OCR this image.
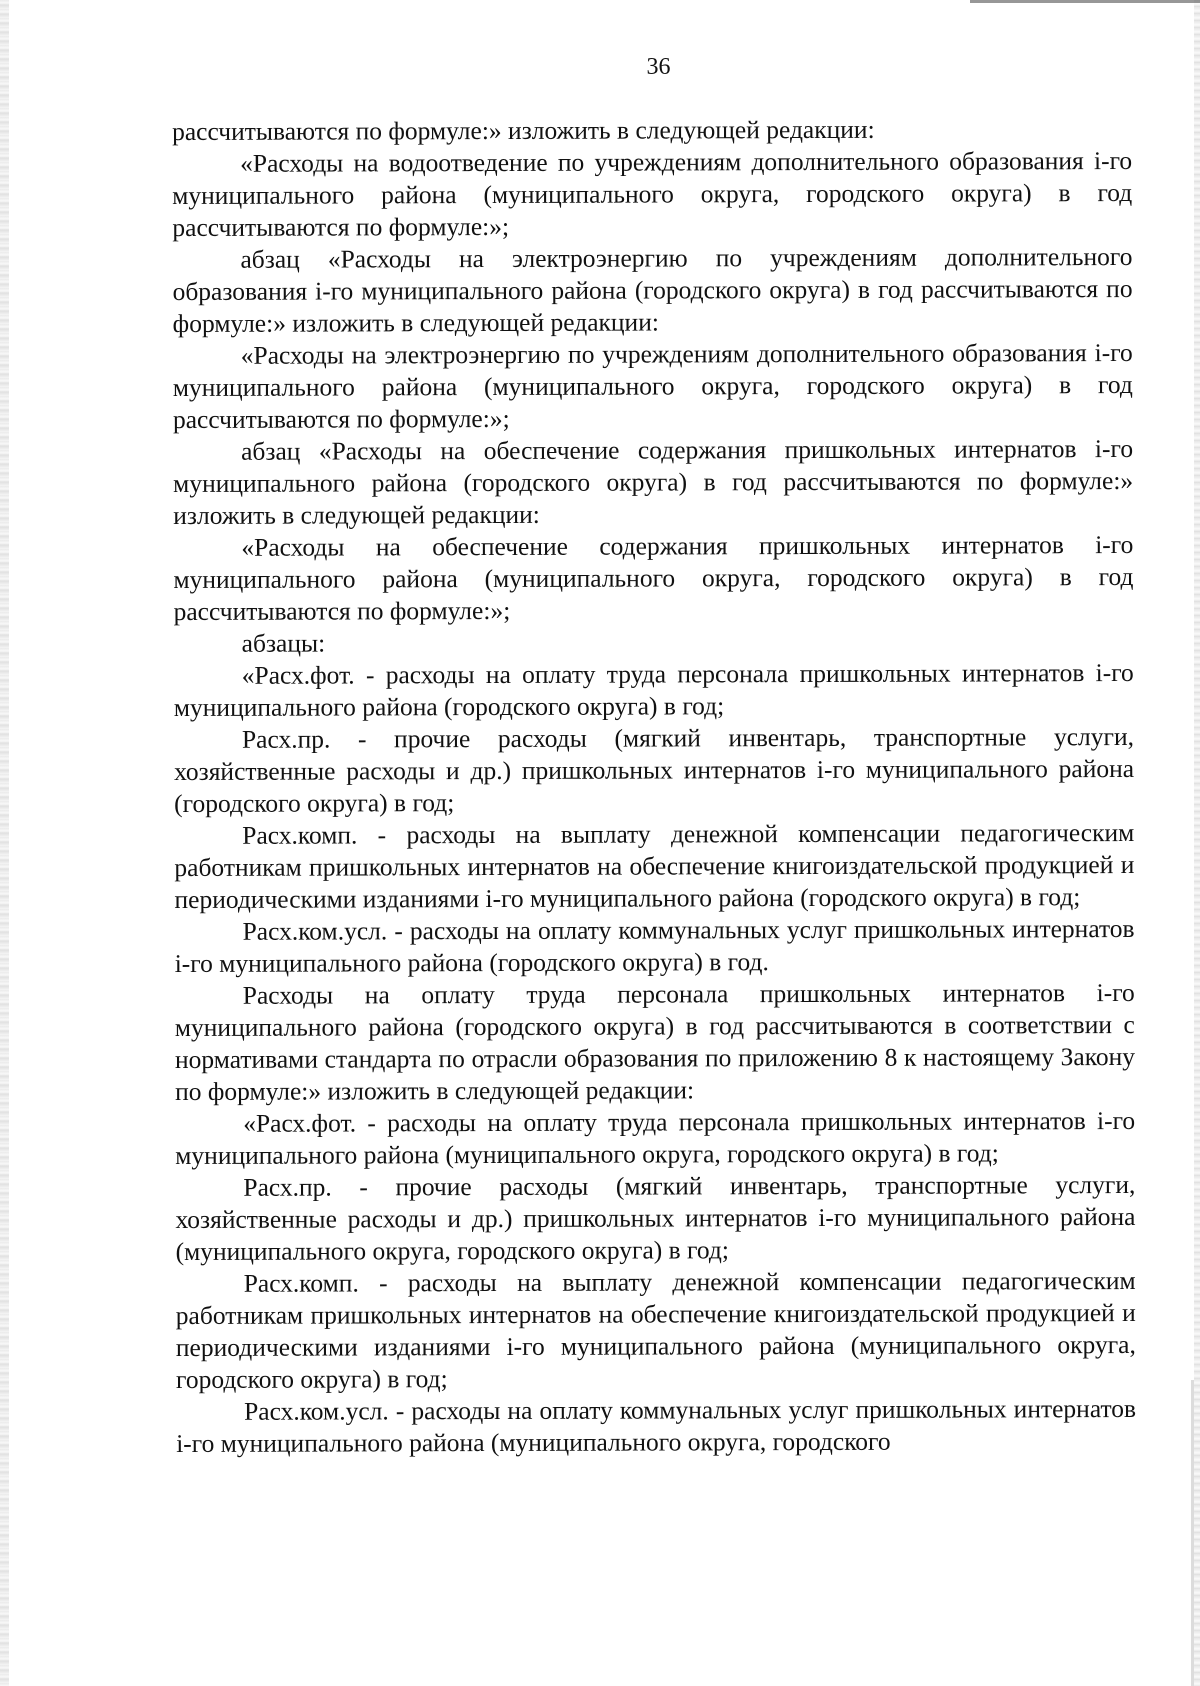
36

рассчитываются по формуле:» изложить в следующей редакции:

«Расходы на водоотведение по учреждениям дополнительного образования i-го муниципального района (муниципального округа, городского округа) в год рассчитываются по формуле:»;

абзац «Расходы на электроэнергию по учреждениям дополнительного образования i-го муниципального района (городского округа) в год рассчитываются по формуле:» изложить в следующей редакции:

«Расходы на электроэнергию по учреждениям дополнительного образования i-го муниципального района (муниципального округа, городского округа) в год рассчитываются по формуле:»;

абзац «Расходы на обеспечение содержания пришкольных интернатов i-го муниципального района (городского округа) в год рассчитываются по формуле:» изложить в следующей редакции:

«Расходы на обеспечение содержания пришкольных интернатов i-го муниципального района (муниципального округа, городского округа) в год рассчитываются по формуле:»;

абзацы:

«Расх.фот. - расходы на оплату труда персонала пришкольных интернатов i-го муниципального района (городского округа) в год;

Расх.пр. - прочие расходы (мягкий инвентарь, транспортные услуги, хозяйственные расходы и др.) пришкольных интернатов i-го муниципального района (городского округа) в год;

Расх.комп. - расходы на выплату денежной компенсации педагогическим работникам пришкольных интернатов на обеспечение книгоиздательской продукцией и периодическими изданиями i-го муниципального района (городского округа) в год;

Расх.ком.усл. - расходы на оплату коммунальных услуг пришкольных интернатов i-го муниципального района (городского округа) в год.

Расходы на оплату труда персонала пришкольных интернатов i-го муниципального района (городского округа) в год рассчитываются в соответствии с нормативами стандарта по отрасли образования по приложению 8 к настоящему Закону по формуле:» изложить в следующей редакции:

«Расх.фот. - расходы на оплату труда персонала пришкольных интернатов i-го муниципального района (муниципального округа, городского округа) в год;

Расх.пр. - прочие расходы (мягкий инвентарь, транспортные услуги, хозяйственные расходы и др.) пришкольных интернатов i-го муниципального района (муниципального округа, городского округа) в год;

Расх.комп. - расходы на выплату денежной компенсации педагогическим работникам пришкольных интернатов на обеспечение книгоиздательской продукцией и периодическими изданиями i-го муниципального района (муниципального округа, городского округа) в год;

Расх.ком.усл. - расходы на оплату коммунальных услуг пришкольных интернатов i-го муниципального района (муниципального округа, городского
